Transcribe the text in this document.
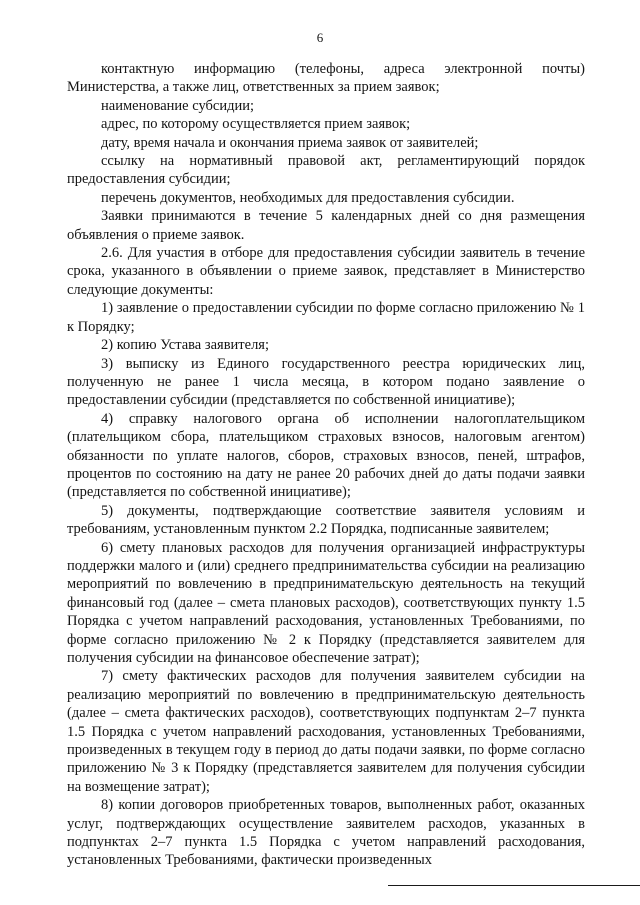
6

контактную информацию (телефоны, адреса электронной почты) Министерства, а также лиц, ответственных за прием заявок;

наименование субсидии;

адрес, по которому осуществляется прием заявок;

дату, время начала и окончания приема заявок от заявителей;

ссылку на нормативный правовой акт, регламентирующий порядок предоставления субсидии;

перечень документов, необходимых для предоставления субсидии.

Заявки принимаются в течение 5 календарных дней со дня размещения объявления о приеме заявок.

2.6. Для участия в отборе для предоставления субсидии заявитель в течение срока, указанного в объявлении о приеме заявок, представляет в Министерство следующие документы:

1) заявление о предоставлении субсидии по форме согласно приложению № 1 к Порядку;

2) копию Устава заявителя;

3) выписку из Единого государственного реестра юридических лиц, полученную не ранее 1 числа месяца, в котором подано заявление о предоставлении субсидии (представляется по собственной инициативе);

4) справку налогового органа об исполнении налогоплательщиком (плательщиком сбора, плательщиком страховых взносов, налоговым агентом) обязанности по уплате налогов, сборов, страховых взносов, пеней, штрафов, процентов по состоянию на дату не ранее 20 рабочих дней до даты подачи заявки (представляется по собственной инициативе);

5) документы, подтверждающие соответствие заявителя условиям и требованиям, установленным пунктом 2.2 Порядка, подписанные заявителем;

6) смету плановых расходов для получения организацией инфраструктуры поддержки малого и (или) среднего предпринимательства субсидии на реализацию мероприятий по вовлечению в предпринимательскую деятельность на текущий финансовый год (далее – смета плановых расходов), соответствующих пункту 1.5 Порядка с учетом направлений расходования, установленных Требованиями, по форме согласно приложению № 2 к Порядку (представляется заявителем для получения субсидии на финансовое обеспечение затрат);

7) смету фактических расходов для получения заявителем субсидии на реализацию мероприятий по вовлечению в предпринимательскую деятельность (далее – смета фактических расходов), соответствующих подпунктам 2–7 пункта 1.5 Порядка с учетом направлений расходования, установленных Требованиями, произведенных в текущем году в период до даты подачи заявки, по форме согласно приложению № 3 к Порядку (представляется заявителем для получения субсидии на возмещение затрат);

8) копии договоров приобретенных товаров, выполненных работ, оказанных услуг, подтверждающих осуществление заявителем расходов, указанных в подпунктах 2–7 пункта 1.5 Порядка с учетом направлений расходования, установленных Требованиями, фактически произведенных
